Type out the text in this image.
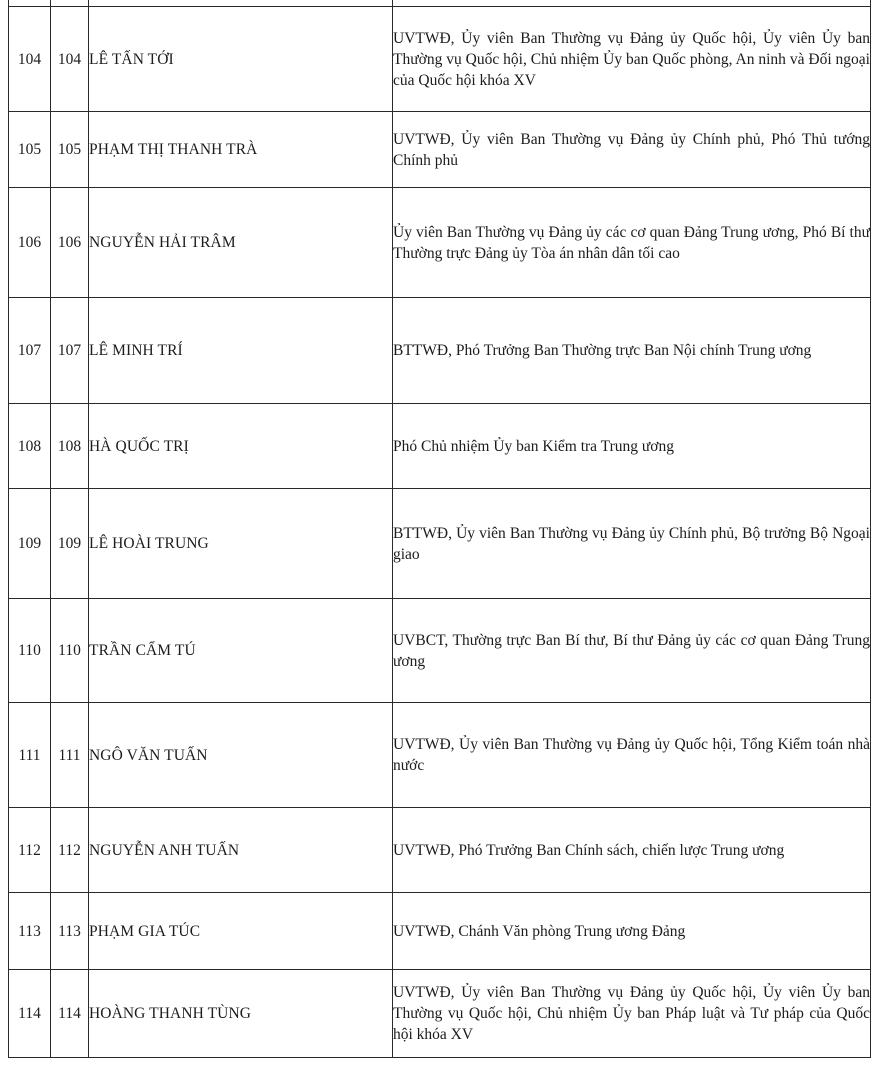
104	104	LÊ TẤN TỚI	UVTWĐ, Ủy viên Ban Thường vụ Đảng ủy Quốc hội, Ủy viên Ủy ban Thường vụ Quốc hội, Chủ nhiệm Ủy ban Quốc phòng, An ninh và Đối ngoại của Quốc hội khóa XV
105	105	PHẠM THỊ THANH TRÀ	UVTWĐ, Ủy viên Ban Thường vụ Đảng ủy Chính phủ, Phó Thủ tướng Chính phủ
106	106	NGUYỄN HẢI TRÂM	Ủy viên Ban Thường vụ Đảng ủy các cơ quan Đảng Trung ương, Phó Bí thư Thường trực Đảng ủy Tòa án nhân dân tối cao
107	107	LÊ MINH TRÍ	BTTWĐ, Phó Trưởng Ban Thường trực Ban Nội chính Trung ương
108	108	HÀ QUỐC TRỊ	Phó Chủ nhiệm Ủy ban Kiểm tra Trung ương
109	109	LÊ HOÀI TRUNG	BTTWĐ, Ủy viên Ban Thường vụ Đảng ủy Chính phủ, Bộ trưởng Bộ Ngoại giao
110	110	TRẦN CẨM TÚ	UVBCT, Thường trực Ban Bí thư, Bí thư Đảng ủy các cơ quan Đảng Trung ương
111	111	NGÔ VĂN TUẤN	UVTWĐ, Ủy viên Ban Thường vụ Đảng ủy Quốc hội, Tổng Kiểm toán nhà nước
112	112	NGUYỄN ANH TUẤN	UVTWĐ, Phó Trưởng Ban Chính sách, chiến lược Trung ương
113	113	PHẠM GIA TÚC	UVTWĐ, Chánh Văn phòng Trung ương Đảng
114	114	HOÀNG THANH TÙNG	UVTWĐ, Ủy viên Ban Thường vụ Đảng ủy Quốc hội, Ủy viên Ủy ban Thường vụ Quốc hội, Chủ nhiệm Ủy ban Pháp luật và Tư pháp của Quốc hội khóa XV
